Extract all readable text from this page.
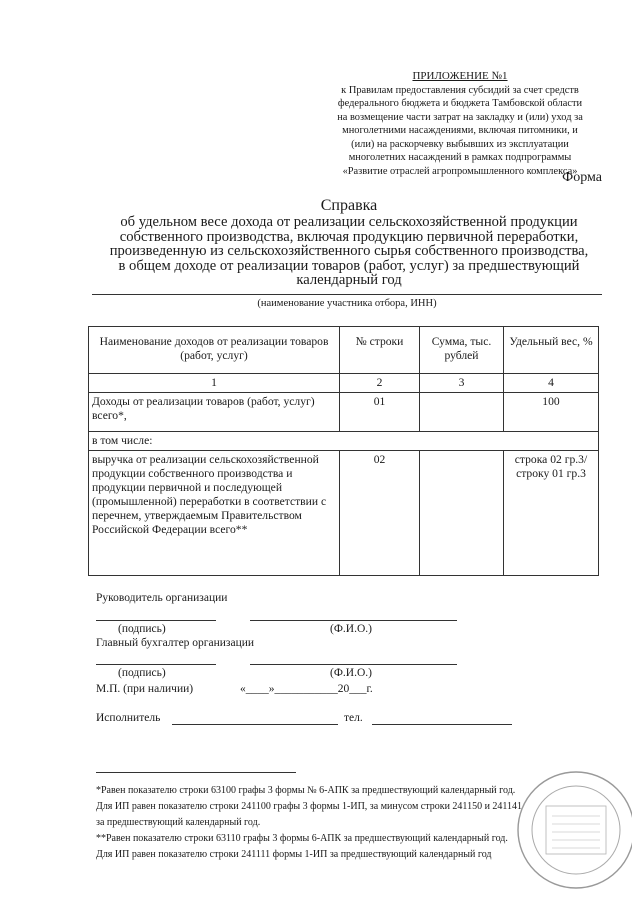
ПРИЛОЖЕНИЕ №1
к Правилам предоставления субсидий за счет средств
федерального бюджета и бюджета Тамбовской области
на возмещение части затрат на закладку и (или) уход за
многолетними насаждениями, включая питомники, и
(или) на раскорчевку выбывших из эксплуатации
многолетних насаждений в рамках подпрограммы
«Развитие отраслей агропромышленного комплекса»
Форма
Справка
об удельном весе дохода от реализации сельскохозяйственной продукции
собственного производства, включая продукцию первичной переработки,
произведенную из сельскохозяйственного сырья собственного производства,
в общем доходе от реализации товаров (работ, услуг) за предшествующий
календарный год
(наименование участника отбора, ИНН)
Наименование доходов от реализации товаров (работ, услуг)	№ строки	Сумма, тыс. рублей	Удельный вес, %
1	2	3	4
Доходы от реализации товаров (работ, услуг) всего*,	01		100
в том числе:			
выручка от реализации сельскохозяйственной продукции собственного производства и продукции первичной и последующей (промышленной) переработки в соответствии с перечнем, утверждаемым Правительством Российской Федерации всего**	02		строка 02 гр.3/ строку 01 гр.3
Руководитель организации
(подпись)	(Ф.И.О.)
Главный бухгалтер организации
(подпись)	(Ф.И.О.)
М.П. (при наличии)	«____»___________20___г.
Исполнитель	тел.
*Равен показателю строки 63100 графы 3 формы № 6-АПК за предшествующий календарный год.
Для ИП равен показателю строки 241100 графы 3 формы 1-ИП, за минусом строки 241150 и 241141
за предшествующий календарный год.
**Равен показателю строки 63110 графы 3 формы 6-АПК за предшествующий календарный год.
Для ИП равен показателю строки 241111 формы 1-ИП за предшествующий календарный год
